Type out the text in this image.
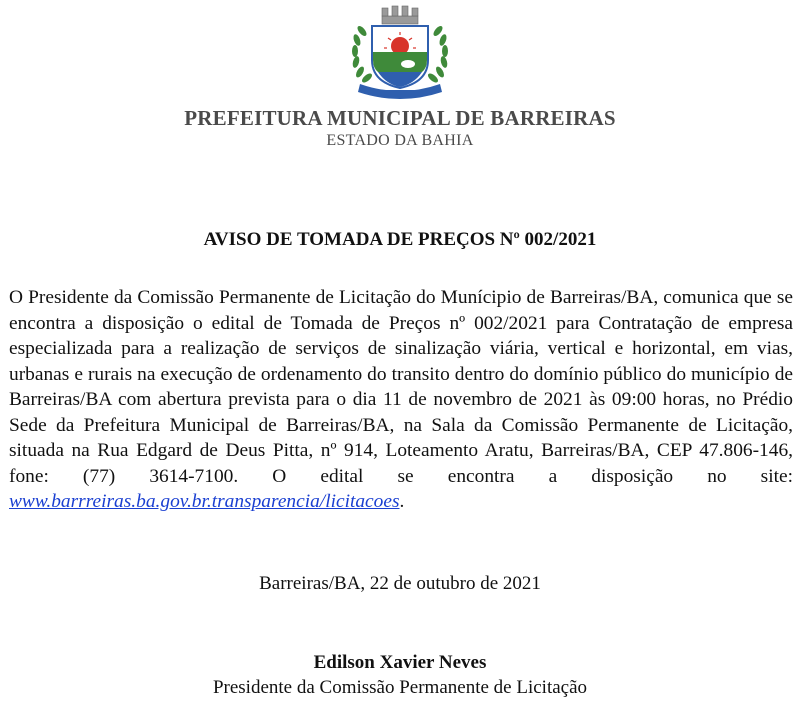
PREFEITURA MUNICIPAL DE BARREIRAS
ESTADO DA BAHIA
AVISO DE TOMADA DE PREÇOS Nº 002/2021

O Presidente da Comissão Permanente de Licitação do Munícipio de Barreiras/BA, comunica que se encontra a disposição o edital de Tomada de Preços nº 002/2021 para Contratação de empresa especializada para a realização de serviços de sinalização viária, vertical e horizontal, em vias, urbanas e rurais na execução de ordenamento do transito dentro do domínio público do município de Barreiras/BA com abertura prevista para o dia 11 de novembro de 2021 às 09:00 horas, no Prédio Sede da Prefeitura Municipal de Barreiras/BA, na Sala da Comissão Permanente de Licitação, situada na Rua Edgard de Deus Pitta, nº 914, Loteamento Aratu, Barreiras/BA, CEP 47.806-146, fone: (77) 3614-7100. O edital se encontra a disposição no site: www.barrreiras.ba.gov.br.transparencia/licitacoes.

Barreiras/BA, 22 de outubro de 2021
Edilson Xavier Neves
Presidente da Comissão Permanente de Licitação
